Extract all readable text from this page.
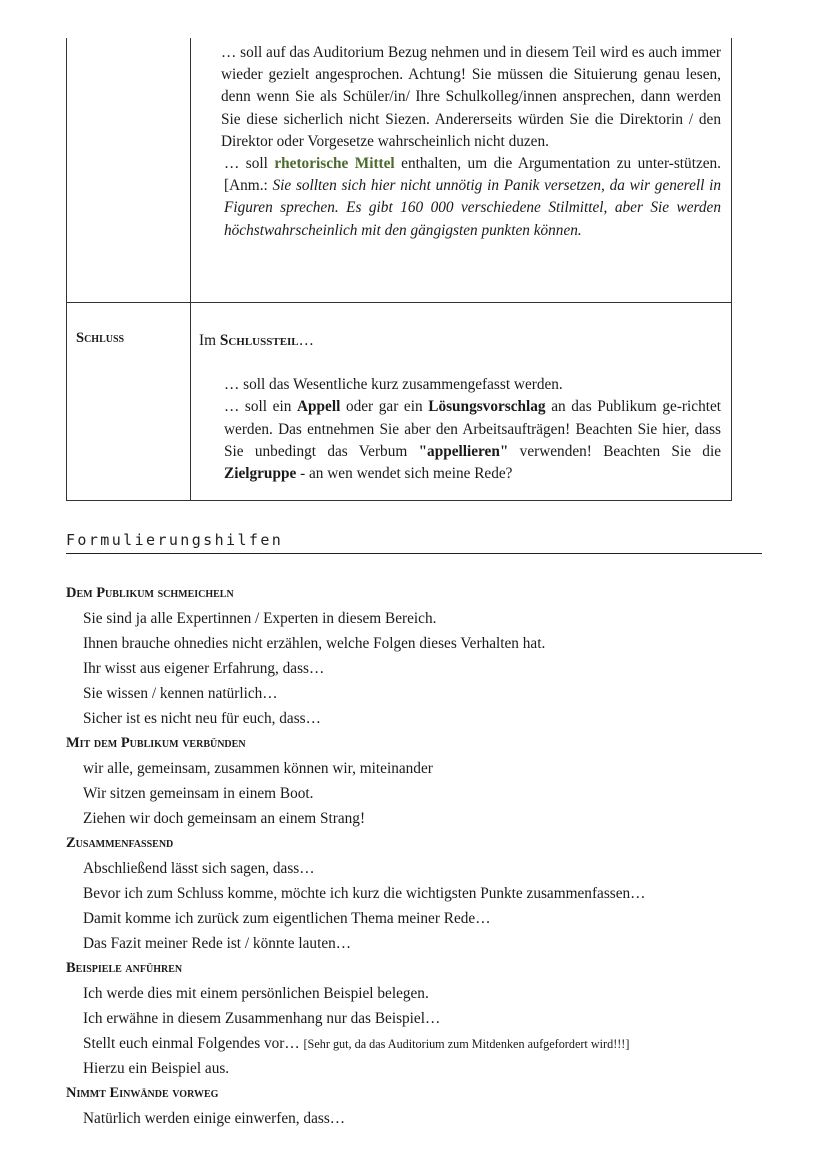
	… soll auf das Auditorium Bezug nehmen und in diesem Teil wird es auch immer wieder gezielt angesprochen. Achtung! Sie müssen die Situierung genau lesen, denn wenn Sie als Schüler/in/ Ihre Schulkolleg/innen ansprechen, dann werden Sie diese sicherlich nicht Siezen. Andererseits würden Sie die Direktorin / den Direktor oder Vorgesetze wahrscheinlich nicht duzen.
… soll rhetorische Mittel enthalten, um die Argumentation zu unter-stützen. [Anm.: Sie sollten sich hier nicht unnötig in Panik versetzen, da wir generell in Figuren sprechen. Es gibt 160 000 verschiedene Stilmittel, aber Sie werden höchstwahrscheinlich mit den gängigsten punkten können.

Schluss	Im Schlussteil…
… soll das Wesentliche kurz zusammengefasst werden.
… soll ein Appell oder gar ein Lösungsvorschlag an das Publikum ge-richtet werden. Das entnehmen Sie aber den Arbeitsaufträgen! Beachten Sie hier, dass Sie unbedingt das Verbum "appellieren" verwenden! Beachten Sie die Zielgruppe - an wen wendet sich meine Rede?
Formulierungshilfen
Dem Publikum schmeicheln
Sie sind ja alle Expertinnen / Experten in diesem Bereich.
Ihnen brauche ohnedies nicht erzählen, welche Folgen dieses Verhalten hat.
Ihr wisst aus eigener Erfahrung, dass…
Sie wissen / kennen natürlich…
Sicher ist es nicht neu für euch, dass…
Mit dem Publikum verbünden
wir alle, gemeinsam, zusammen können wir, miteinander
Wir sitzen gemeinsam in einem Boot.
Ziehen wir doch gemeinsam an einem Strang!
Zusammenfassend
Abschließend lässt sich sagen, dass…
Bevor ich zum Schluss komme, möchte ich kurz die wichtigsten Punkte zusammenfassen…
Damit komme ich zurück zum eigentlichen Thema meiner Rede…
Das Fazit meiner Rede ist / könnte lauten…
Beispiele anführen
Ich werde dies mit einem persönlichen Beispiel belegen.
Ich erwähne in diesem Zusammenhang nur das Beispiel…
Stellt euch einmal Folgendes vor… [Sehr gut, da das Auditorium zum Mitdenken aufgefordert wird!!!]
Hierzu ein Beispiel aus.
Nimmt Einwände vorweg
Natürlich werden einige einwerfen, dass…
